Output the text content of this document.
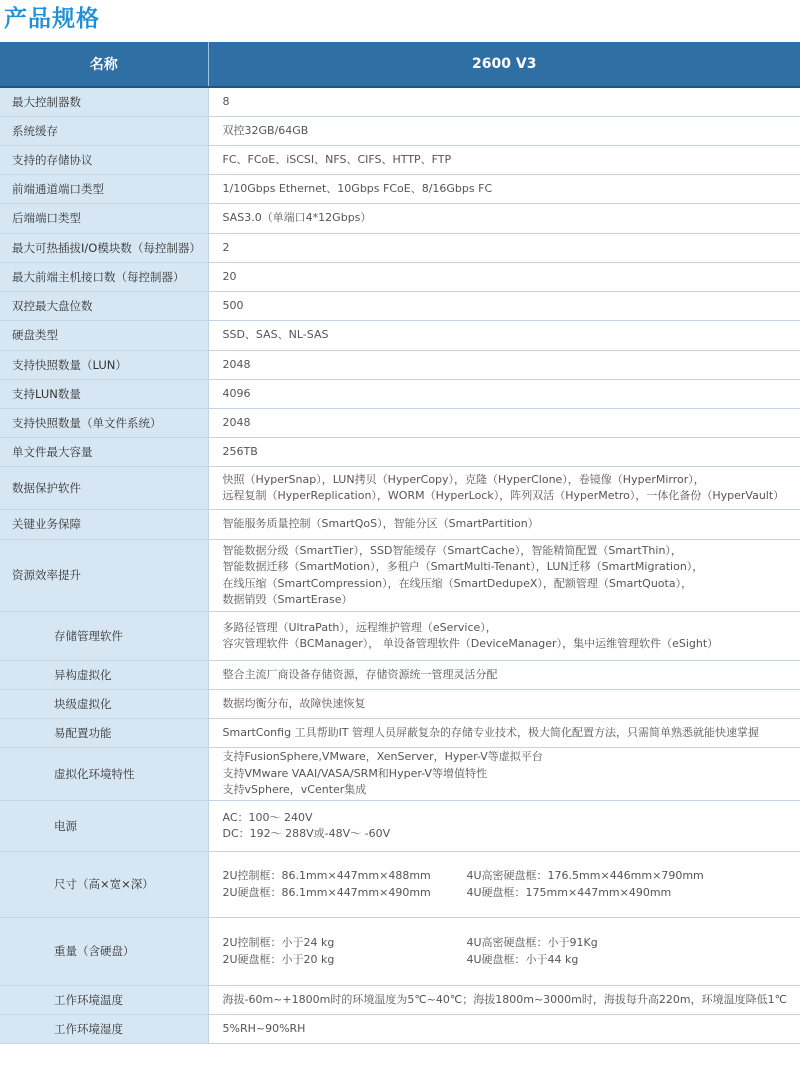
产品规格
名称	2600 V3
最大控制器数	8

系统缓存	双控32GB/64GB

支持的存储协议	FC、FCoE、iSCSI、NFS、CIFS、HTTP、FTP

前端通道端口类型	1/10Gbps Ethernet、10Gbps FCoE、8/16Gbps FC

后端端口类型	SAS3.0（单端口4*12Gbps）

最大可热插拔I/O模块数（每控制器）	2

最大前端主机接口数（每控制器）	20

双控最大盘位数	500

硬盘类型	SSD、SAS、NL-SAS

支持快照数量（LUN）	2048

支持LUN数量	4096

支持快照数量（单文件系统）	2048

单文件最大容量	256TB

数据保护软件	快照（HyperSnap），LUN拷贝（HyperCopy），克隆（HyperClone），卷镜像（HyperMirror），
远程复制（HyperReplication），WORM（HyperLock），阵列双活（HyperMetro），一体化备份（HyperVault）

关键业务保障	智能服务质量控制（SmartQoS），智能分区（SmartPartition）

资源效率提升	智能数据分级（SmartTier），SSD智能缓存（SmartCache），智能精简配置（SmartThin），
智能数据迁移（SmartMotion），多租户（SmartMulti-Tenant），LUN迁移（SmartMigration），
在线压缩（SmartCompression），在线压缩（SmartDedupeX），配额管理（SmartQuota），
数据销毁（SmartErase）

存储管理软件	多路径管理（UltraPath），远程维护管理（eService），
容灾管理软件（BCManager）， 单设备管理软件（DeviceManager），集中运维管理软件（eSight）

异构虚拟化	整合主流厂商设备存储资源，存储资源统一管理灵活分配

块级虚拟化	数据均衡分布，故障快速恢复

易配置功能	SmartConfig 工具帮助IT 管理人员屏蔽复杂的存储专业技术，极大简化配置方法，只需简单熟悉就能快速掌握

虚拟化环境特性	支持FusionSphere,VMware，XenServer，Hyper-V等虚拟平台
支持VMware VAAI/VASA/SRM和Hyper-V等增值特性
支持vSphere，vCenter集成

电源	AC：100～ 240V
DC：192～ 288V或-48V～ -60V

尺寸（高×宽×深）	2U控制框：86.1mm×447mm×488mm 4U高密硬盘框：176.5mm×446mm×790mm
2U硬盘框：86.1mm×447mm×490mm 4U硬盘框：175mm×447mm×490mm

重量（含硬盘）	2U控制框：小于24 kg 4U高密硬盘框：小于91Kg
2U硬盘框：小于20 kg 4U硬盘框：小于44 kg

工作环境温度	海拔-60m~+1800m时的环境温度为5℃~40℃；海拔1800m~3000m时，海拔每升高220m，环境温度降低1℃

工作环境湿度	5%RH~90%RH
